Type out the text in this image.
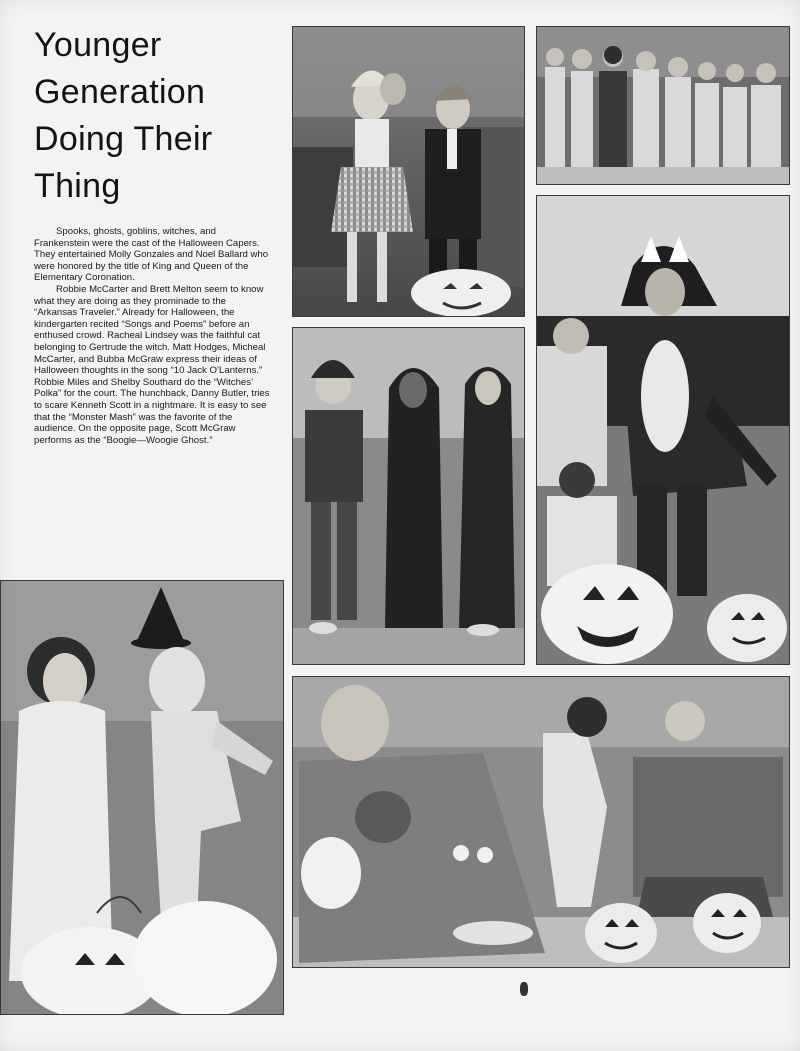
Younger
Generation
Doing Their
Thing

Spooks, ghosts, goblins, witches, and Frankenstein were the cast of the Halloween Capers. They entertained Molly Gonzales and Noel Ballard who were honored by the title of King and Queen of the Elementary Coronation.

Robbie McCarter and Brett Melton seem to know what they are doing as they prominade to the “Arkansas Traveler.” Already for Halloween, the kindergarten recited “Songs and Poems” before an enthused crowd. Racheal Lindsey was the faithful cat belonging to Gertrude the witch. Matt Hodges, Micheal McCarter, and Bubba McGraw express their ideas of Halloween thoughts in the song “10 Jack O’Lanterns.” Robbie Miles and Shelby Southard do the “Witches’ Polka” for the court. The hunchback, Danny Butler, tries to scare Kenneth Scott in a nightmare. It is easy to see that the “Monster Mash” was the favorite of the audience. On the opposite page, Scott McGraw performs as the “Boogie—Woogie Ghost.”
